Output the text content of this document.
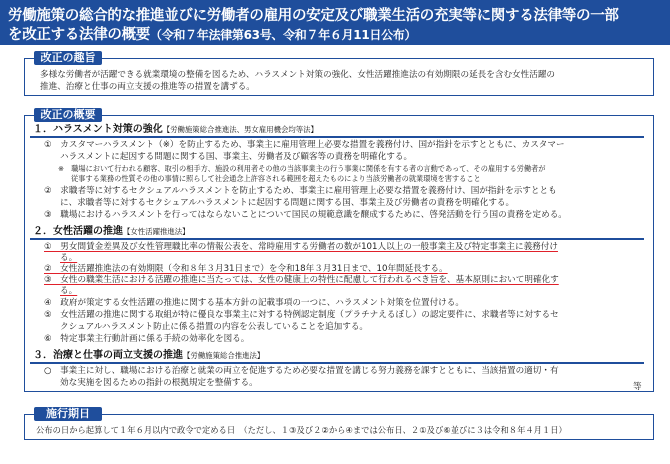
労働施策の総合的な推進並びに労働者の雇用の安定及び職業生活の充実等に関する法律等の一部
を改正する法律の概要（令和７年法律第63号、令和７年６月11日公布）
改正の趣旨
多様な労働者が活躍できる就業環境の整備を図るため、ハラスメント対策の強化、女性活躍推進法の有効期限の延長を含む女性活躍の
推進、治療と仕事の両立支援の推進等の措置を講ずる。
改正の概要
１．ハラスメント対策の強化【労働施策総合推進法、男女雇用機会均等法】
①　カスタマーハラスメント（※）を防止するため、事業主に雇用管理上必要な措置を義務付け、国が指針を示すとともに、カスタマー
ハラスメントに起因する問題に関する国、事業主、労働者及び顧客等の責務を明確化する。
※　職場において行われる顧客、取引の相手方、施設の利用者その他の当該事業主の行う事業に関係を有する者の言動であって、その雇用する労働者が
従事する業務の性質その他の事情に照らして社会通念上許容される範囲を超えたものにより当該労働者の就業環境を害すること
②　求職者等に対するセクシュアルハラスメントを防止するため、事業主に雇用管理上必要な措置を義務付け、国が指針を示すととも
に、求職者等に対するセクシュアルハラスメントに起因する問題に関する国、事業主及び労働者の責務を明確化する。
③　職場におけるハラスメントを行ってはならないことについて国民の規範意識を醸成するために、啓発活動を行う国の責務を定める。
２．女性活躍の推進【女性活躍推進法】
①　男女間賃金差異及び女性管理職比率の情報公表を、常時雇用する労働者の数が101人以上の一般事業主及び特定事業主に義務付け
る。
②　女性活躍推進法の有効期限（令和８年３月31日まで）を令和18年３月31日まで、10年間延長する。
③　女性の職業生活における活躍の推進に当たっては、女性の健康上の特性に配慮して行われるべき旨を、基本原則において明確化す
る。
④　政府が策定する女性活躍の推進に関する基本方針の記載事項の一つに、ハラスメント対策を位置付ける。
⑤　女性活躍の推進に関する取組が特に優良な事業主に対する特例認定制度（プラチナえるぼし）の認定要件に、求職者等に対するセ
クシュアルハラスメント防止に係る措置の内容を公表していることを追加する。
⑥　特定事業主行動計画に係る手続の効率化を図る。
３．治療と仕事の両立支援の推進【労働施策総合推進法】
○　事業主に対し、職場における治療と就業の両立を促進するため必要な措置を講じる努力義務を課すとともに、当該措置の適切・有
効な実施を図るための指針の根拠規定を整備する。	等
施行期日
公布の日から起算して１年６月以内で政令で定める日　（ただし、１③及び２②から④までは公布日、２①及び⑥並びに３は令和８年４月１日）
